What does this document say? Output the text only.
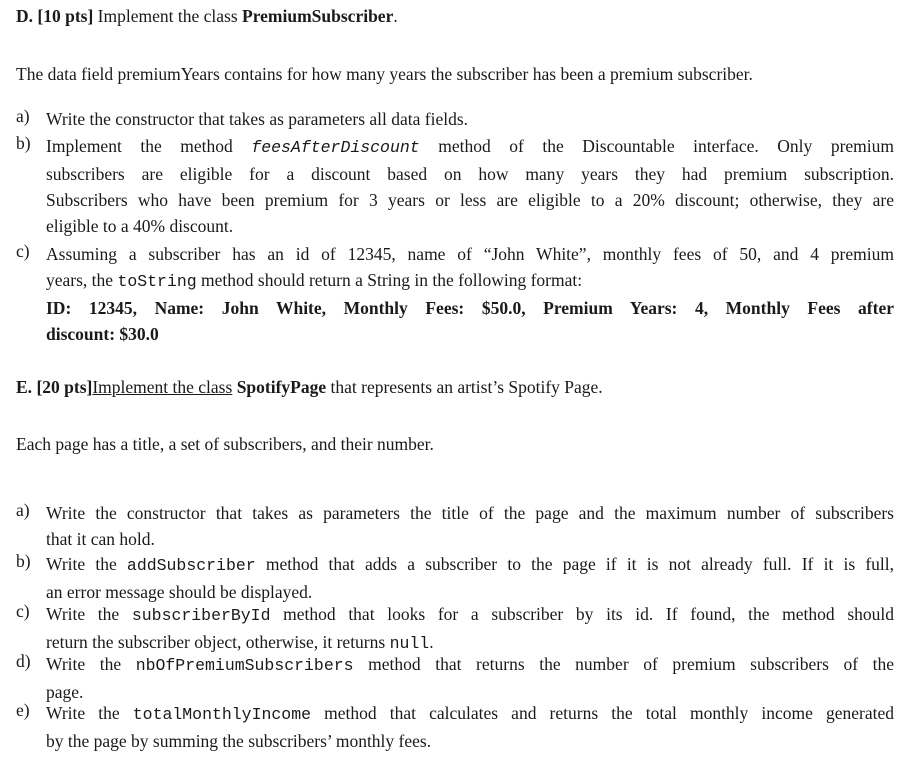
D. [10 pts] Implement the class PremiumSubscriber.
The data field premiumYears contains for how many years the subscriber has been a premium subscriber.
a) Write the constructor that takes as parameters all data fields.
b) Implement the method feesAfterDiscount method of the Discountable interface. Only premium
subscribers are eligible for a discount based on how many years they had premium subscription.
Subscribers who have been premium for 3 years or less are eligible to a 20% discount; otherwise, they are
eligible to a 40% discount.
c) Assuming a subscriber has an id of 12345, name of “John White”, monthly fees of 50, and 4 premium
years, the toString method should return a String in the following format:
ID: 12345, Name: John White, Monthly Fees: $50.0, Premium Years: 4, Monthly Fees after
discount: $30.0
E. [20 pts]Implement the class SpotifyPage that represents an artist’s Spotify Page.
Each page has a title, a set of subscribers, and their number.
a) Write the constructor that takes as parameters the title of the page and the maximum number of subscribers
that it can hold.
b) Write the addSubscriber method that adds a subscriber to the page if it is not already full. If it is full,
an error message should be displayed.
c) Write the subscriberById method that looks for a subscriber by its id. If found, the method should
return the subscriber object, otherwise, it returns null.
d) Write the nbOfPremiumSubscribers method that returns the number of premium subscribers of the
page.
e) Write the totalMonthlyIncome method that calculates and returns the total monthly income generated
by the page by summing the subscribers’ monthly fees.
